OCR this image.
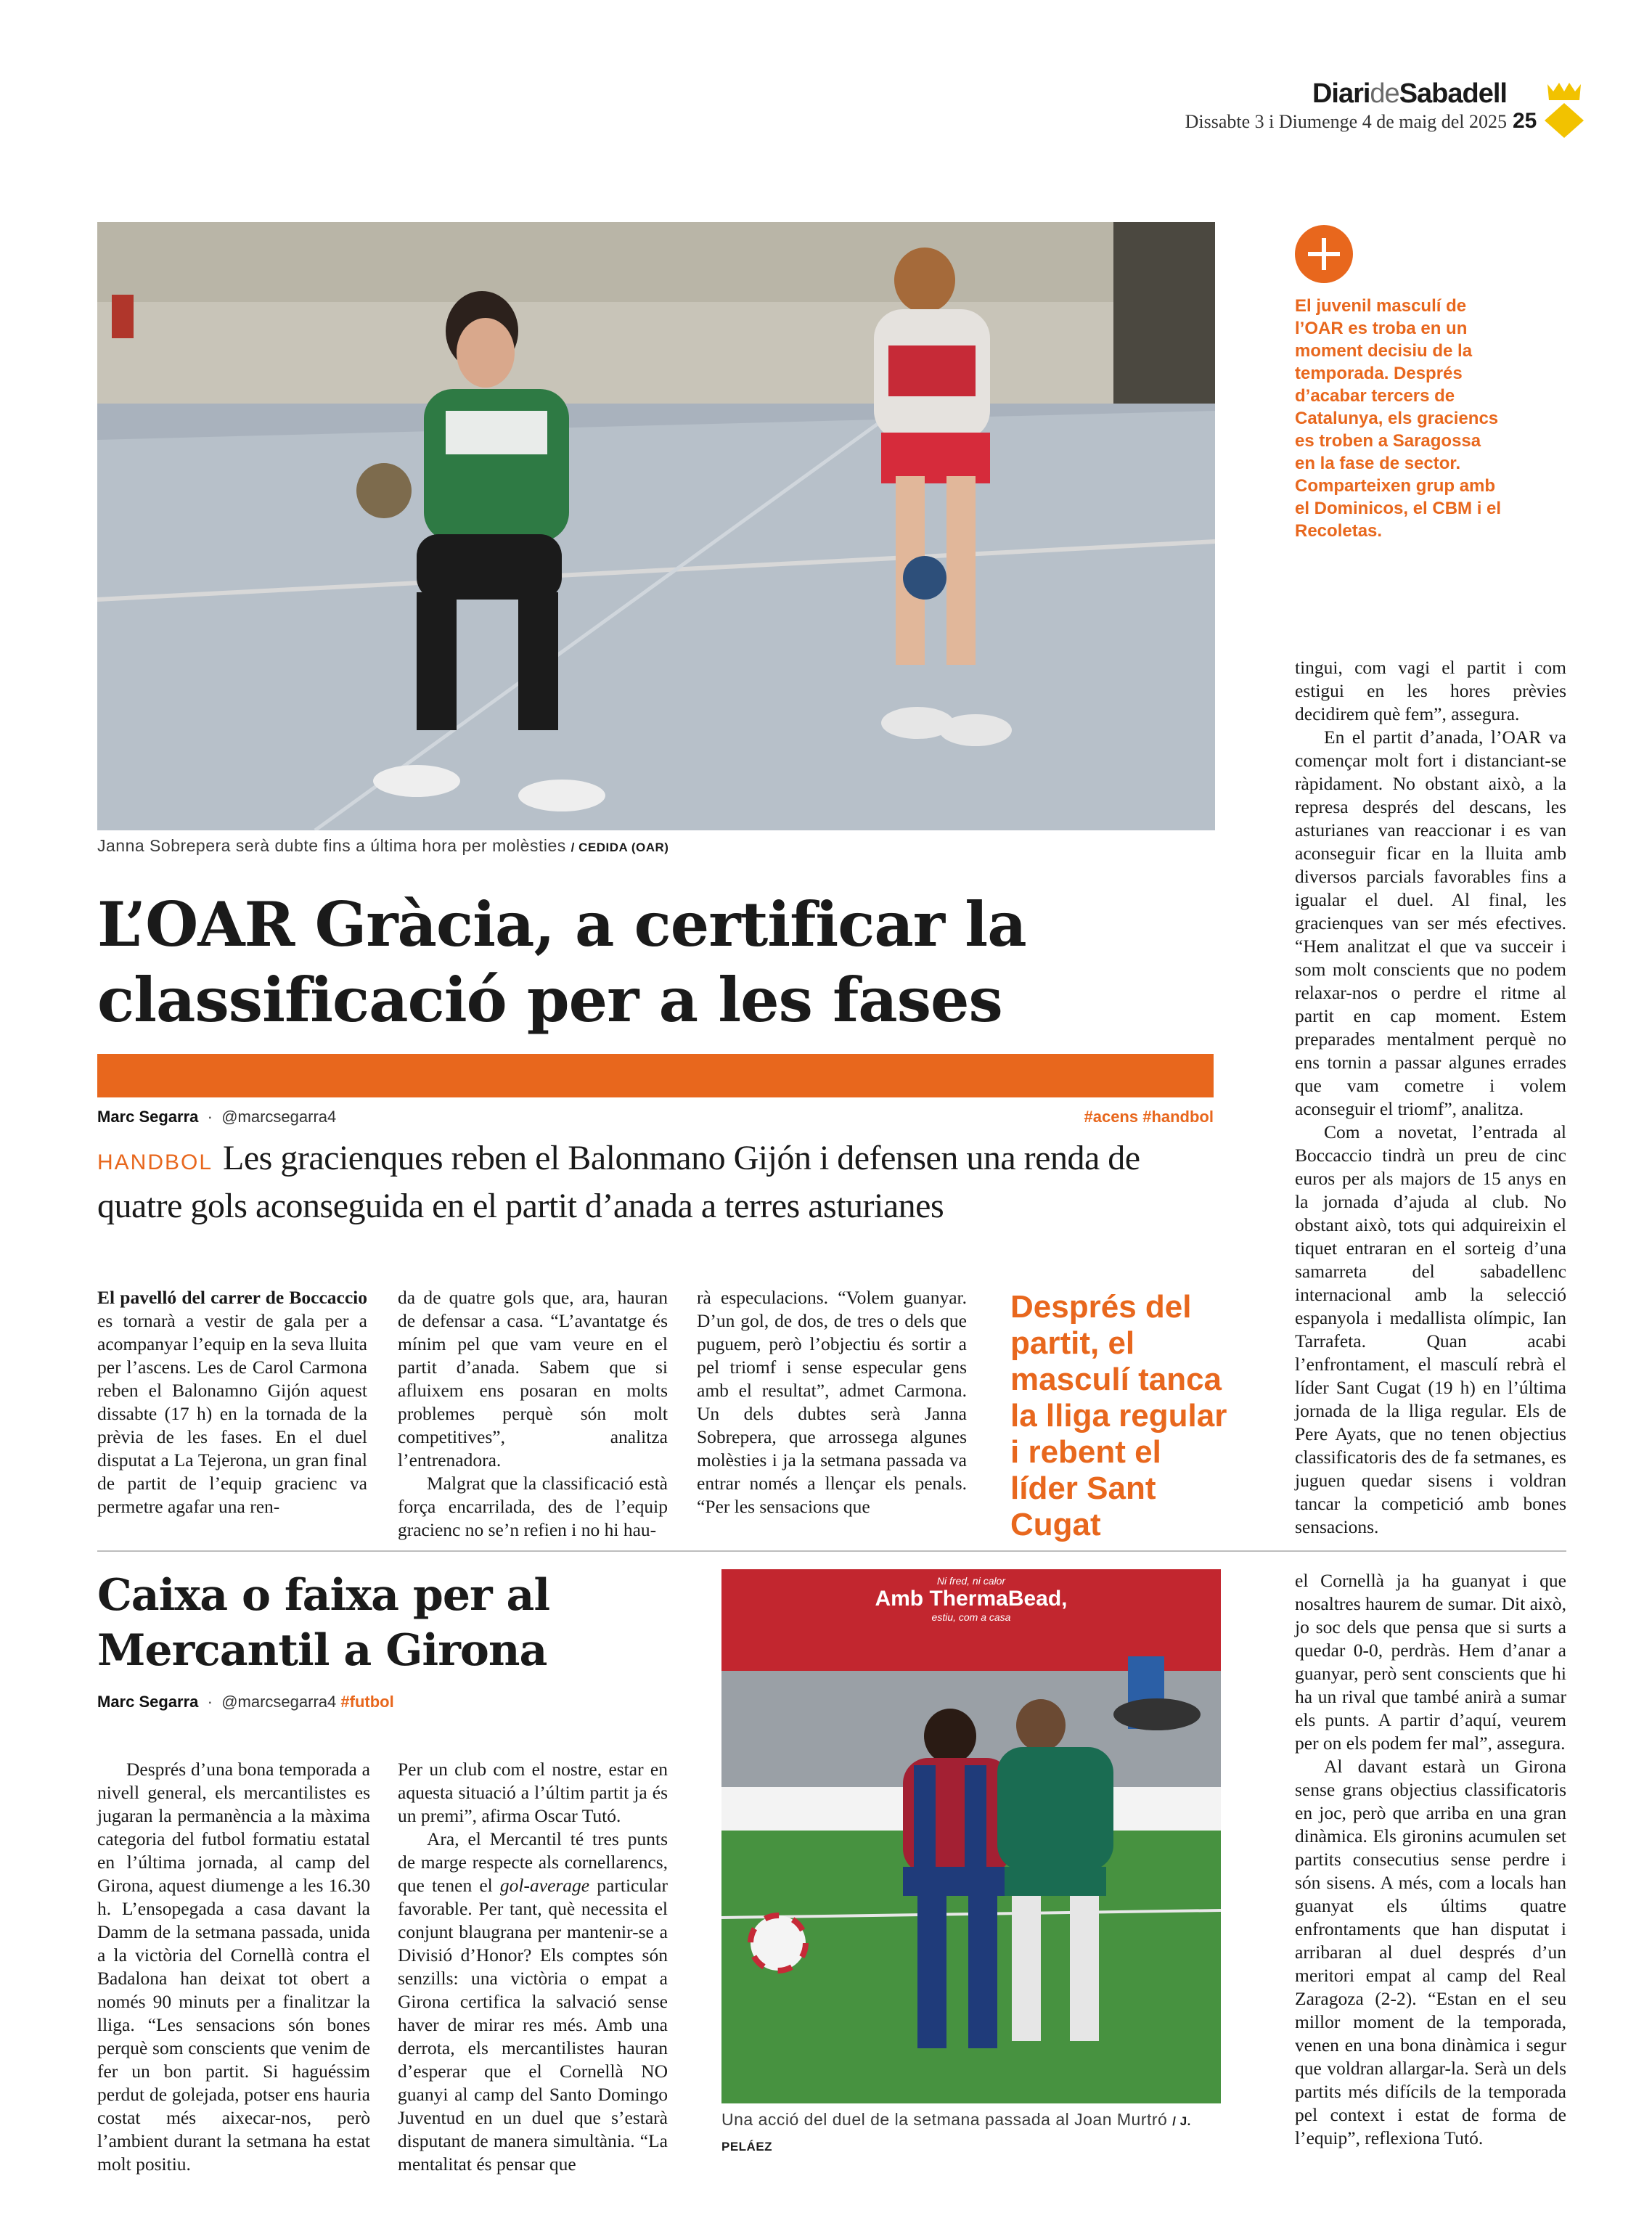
DiarideSabadell
Dissabte 3 i Diumenge 4 de maig del 2025 25
Janna Sobrepera serà dubte fins a última hora per molèsties / CEDIDA (OAR)
L’OAR Gràcia, a certificar la
classificació per a les fases
Marc Segarra  ·  @marcsegarra4	#acens #handbol
HANDBOL Les gracienques reben el Balonmano Gijón i defensen una renda de quatre gols aconseguida en el partit d’anada a terres asturianes

El pavelló del carrer de Boccaccio es tornarà a vestir de gala per a acompanyar l’equip en la seva lluita per l’ascens. Les de Carol Carmona reben el Balonamno Gijón aquest dissabte (17 h) en la tornada de la prèvia de les fases. En el duel disputat a La Tejerona, un gran final de partit de l’equip gracienc va permetre agafar una ren-

da de quatre gols que, ara, hauran de defensar a casa. “L’avantatge és mínim pel que vam veure en el partit d’anada. Sabem que si afluixem ens posaran en molts problemes perquè són molt competitives”, analitza l’entrenadora.

Malgrat que la classificació està força encarrilada, des de l’equip gracienc no se’n refien i no hi hau-

rà especulacions. “Volem guanyar. D’un gol, de dos, de tres o dels que puguem, però l’objectiu és sortir a pel triomf i sense especular gens amb el resultat”, admet Carmona. Un dels dubtes serà Janna Sobrepera, que arrossega algunes molèsties i ja la setmana passada va entrar només a llençar els penals. “Per les sensacions que

Després del partit, el masculí tanca la lliga regular i rebent el líder Sant Cugat
El juvenil masculí de l’OAR es troba en un moment decisiu de la temporada. Després d’acabar tercers de Catalunya, els graciencs es troben a Saragossa en la fase de sector. Comparteixen grup amb el Dominicos, el CBM i el Recoletas.

tingui, com vagi el partit i com estigui en les hores prèvies decidirem què fem”, assegura.

En el partit d’anada, l’OAR va començar molt fort i distanciant-se ràpidament. No obstant això, a la represa després del descans, les asturianes van reaccionar i es van aconseguir ficar en la lluita amb diversos parcials favorables fins a igualar el duel. Al final, les gracienques van ser més efectives. “Hem analitzat el que va succeir i som molt conscients que no podem relaxar-nos o perdre el ritme al partit en cap moment. Estem preparades mentalment perquè no ens tornin a passar algunes errades que vam cometre i volem aconseguir el triomf”, analitza.

Com a novetat, l’entrada al Boccaccio tindrà un preu de cinc euros per als majors de 15 anys en la jornada d’ajuda al club. No obstant això, tots qui adquireixin el tiquet entraran en el sorteig d’una samarreta del sabadellenc internacional amb la selecció espanyola i medallista olímpic, Ian Tarrafeta. Quan acabi l’enfrontament, el masculí rebrà el líder Sant Cugat (19 h) en l’última jornada de la lliga regular. Els de Pere Ayats, que no tenen objectius classificatoris des de fa setmanes, es juguen quedar sisens i voldran tancar la competició amb bones sensacions.

Caixa o faixa per al
Mercantil a Girona
Marc Segarra  ·  @marcsegarra4 #futbol

Després d’una bona temporada a nivell general, els mercantilistes es jugaran la permanència a la màxima categoria del futbol formatiu estatal en l’última jornada, al camp del Girona, aquest diumenge a les 16.30 h. L’ensopegada a casa davant la Damm de la setmana passada, unida a la victòria del Cornellà contra el Badalona han deixat tot obert a només 90 minuts per a finalitzar la lliga. “Les sensacions són bones perquè som conscients que venim de fer un bon partit. Si haguéssim perdut de golejada, potser ens hauria costat més aixecar-nos, però l’ambient durant la setmana ha estat molt positiu.

Per un club com el nostre, estar en aquesta situació a l’últim partit ja és un premi”, afirma Oscar Tutó.

Ara, el Mercantil té tres punts de marge respecte als cornellarencs, que tenen el gol-average particular favorable. Per tant, què necessita el conjunt blaugrana per mantenir-se a Divisió d’Honor? Els comptes són senzills: una victòria o empat a Girona certifica la salvació sense haver de mirar res més. Amb una derrota, els mercantilistes hauran d’esperar que el Cornellà NO guanyi al camp del Santo Domingo Juventud en un duel que s’estarà disputant de manera simultània. “La mentalitat és pensar que

Ni fred, ni calor
Amb ThermaBead,
estiu, com a casa
Una acció del duel de la setmana passada al Joan Murtró / J. PELÁEZ

el Cornellà ja ha guanyat i que nosaltres haurem de sumar. Dit això, jo soc dels que pensa que si surts a quedar 0-0, perdràs. Hem d’anar a guanyar, però sent conscients que hi ha un rival que també anirà a sumar els punts. A partir d’aquí, veurem per on els podem fer mal”, assegura.

Al davant estarà un Girona sense grans objectius classificatoris en joc, però que arriba en una gran dinàmica. Els gironins acumulen set partits consecutius sense perdre i són sisens. A més, com a locals han guanyat els últims quatre enfrontaments que han disputat i arribaran al duel després d’un meritori empat al camp del Real Zaragoza (2-2). “Estan en el seu millor moment de la temporada, venen en una bona dinàmica i segur que voldran allargar-la. Serà un dels partits més difícils de la temporada pel context i estat de forma de l’equip”, reflexiona Tutó.
